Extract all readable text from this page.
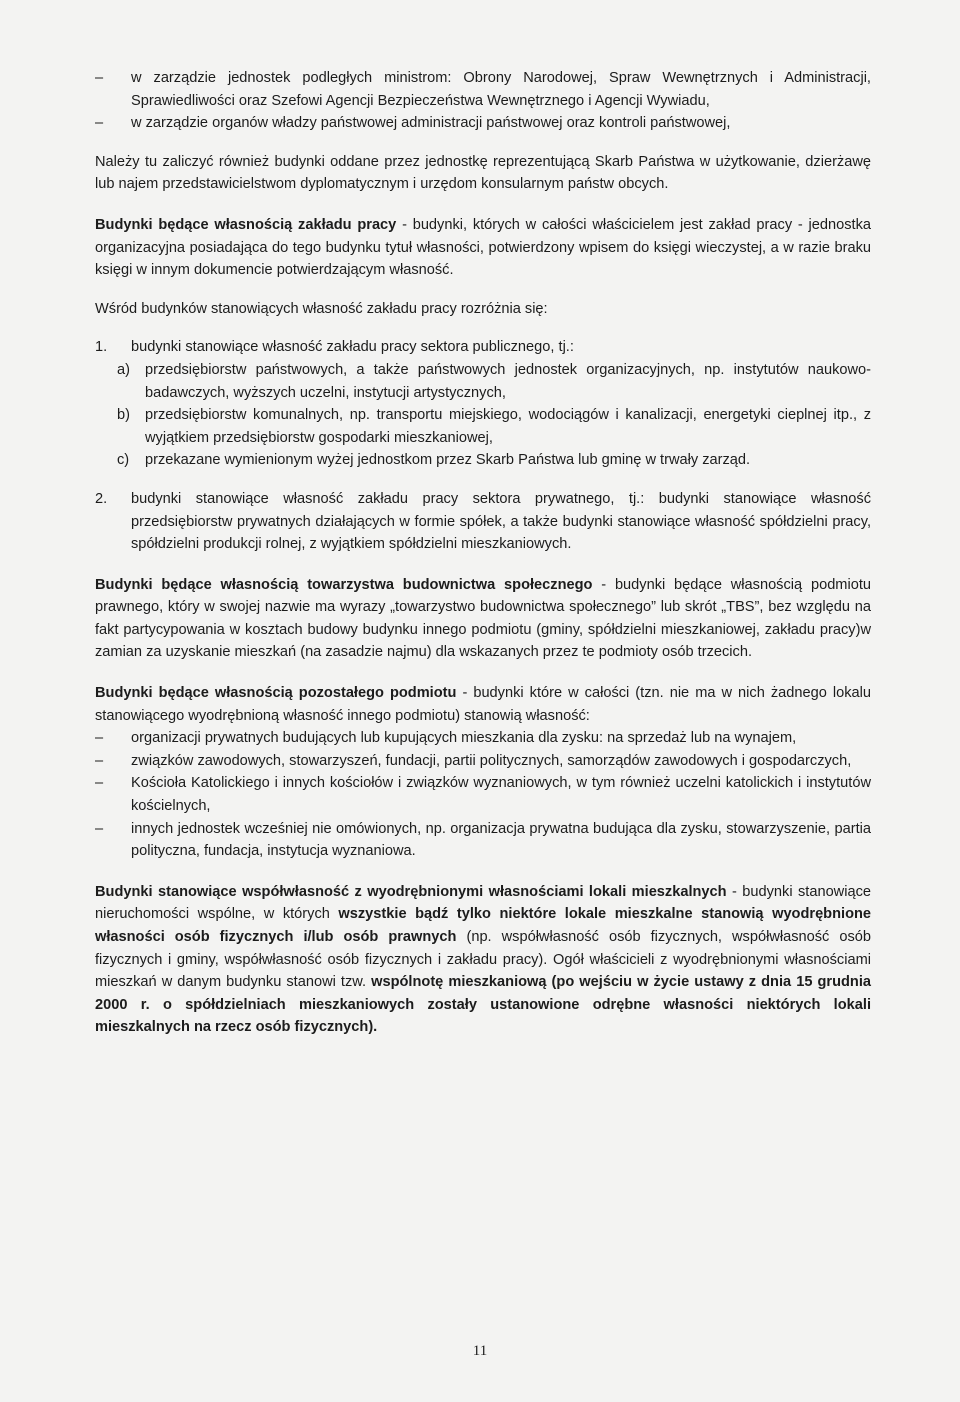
– w zarządzie jednostek podległych ministrom: Obrony Narodowej, Spraw Wewnętrznych i Administracji, Sprawiedliwości oraz Szefowi Agencji Bezpieczeństwa Wewnętrznego i Agencji Wywiadu,
– w zarządzie organów władzy państwowej administracji państwowej oraz kontroli państwowej,

Należy tu zaliczyć również budynki oddane przez jednostkę reprezentującą Skarb Państwa w użytkowanie, dzierżawę lub najem przedstawicielstwom dyplomatycznym i urzędom konsularnym państw obcych.

Budynki będące własnością zakładu pracy - budynki, których w całości właścicielem jest zakład pracy - jednostka organizacyjna posiadająca do tego budynku tytuł własności, potwierdzony wpisem do księgi wieczystej, a w razie braku księgi w innym dokumencie potwierdzającym własność.

Wśród budynków stanowiących własność zakładu pracy rozróżnia się:

1. budynki stanowiące własność zakładu pracy sektora publicznego, tj.:
a) przedsiębiorstw państwowych, a także państwowych jednostek organizacyjnych, np. instytutów naukowo-badawczych, wyższych uczelni, instytucji artystycznych,
b) przedsiębiorstw komunalnych, np. transportu miejskiego, wodociągów i kanalizacji, energetyki cieplnej itp., z wyjątkiem przedsiębiorstw gospodarki mieszkaniowej,
c) przekazane wymienionym wyżej jednostkom przez Skarb Państwa lub gminę w trwały zarząd.
2. budynki stanowiące własność zakładu pracy sektora prywatnego, tj.: budynki stanowiące własność przedsiębiorstw prywatnych działających w formie spółek, a także budynki stanowiące własność spółdzielni pracy, spółdzielni produkcji rolnej, z wyjątkiem spółdzielni mieszkaniowych.

Budynki będące własnością towarzystwa budownictwa społecznego - budynki będące własnością podmiotu prawnego, który w swojej nazwie ma wyrazy „towarzystwo budownictwa społecznego” lub skrót „TBS”, bez względu na fakt partycypowania w kosztach budowy budynku innego podmiotu (gminy, spółdzielni mieszkaniowej, zakładu pracy)w zamian za uzyskanie mieszkań (na zasadzie najmu) dla wskazanych przez te podmioty osób trzecich.

Budynki będące własnością pozostałego podmiotu - budynki które w całości (tzn. nie ma w nich żadnego lokalu stanowiącego wyodrębnioną własność innego podmiotu) stanowią własność:

– organizacji prywatnych budujących lub kupujących mieszkania dla zysku: na sprzedaż lub na wynajem,
– związków zawodowych, stowarzyszeń, fundacji, partii politycznych, samorządów zawodowych i gospodarczych,
– Kościoła Katolickiego i innych kościołów i związków wyznaniowych, w tym również uczelni katolickich i instytutów kościelnych,
– innych jednostek wcześniej nie omówionych, np. organizacja prywatna budująca dla zysku, stowarzyszenie, partia polityczna, fundacja, instytucja wyznaniowa.

Budynki stanowiące współwłasność z wyodrębnionymi własnościami lokali mieszkalnych - budynki stanowiące nieruchomości wspólne, w których wszystkie bądź tylko niektóre lokale mieszkalne stanowią wyodrębnione własności osób fizycznych i/lub osób prawnych (np. współwłasność osób fizycznych, współwłasność osób fizycznych i gminy, współwłasność osób fizycznych i zakładu pracy). Ogół właścicieli z wyodrębnionymi własnościami mieszkań w danym budynku stanowi tzw. wspólnotę mieszkaniową (po wejściu w życie ustawy z dnia 15 grudnia 2000 r. o spółdzielniach mieszkaniowych zostały ustanowione odrębne własności niektórych lokali mieszkalnych na rzecz osób fizycznych).

11
